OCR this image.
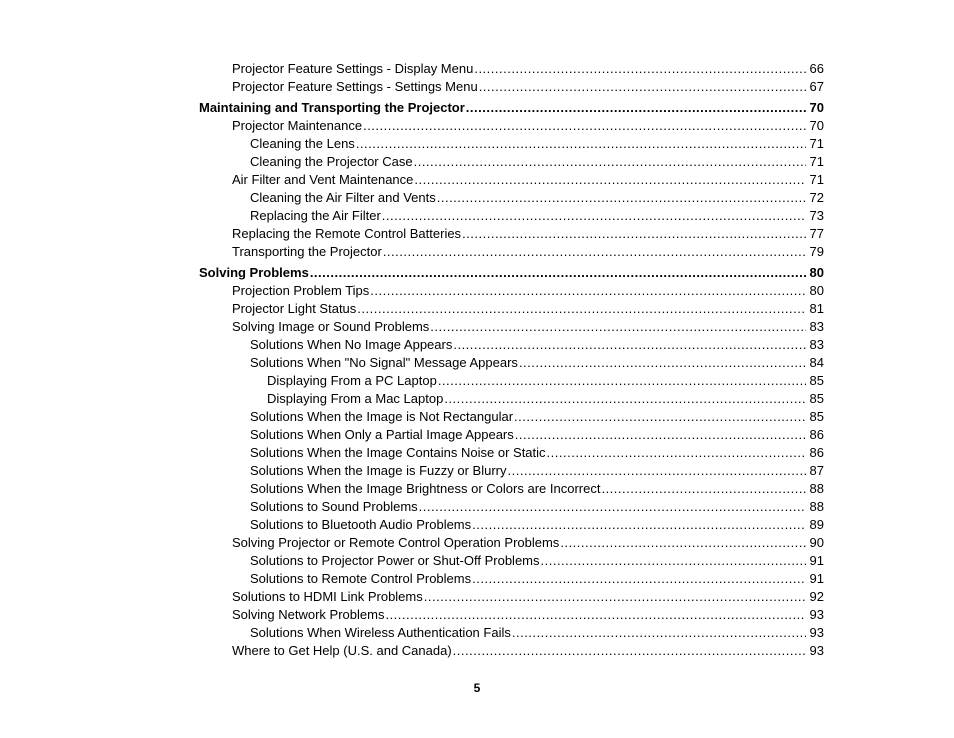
Projector Feature Settings - Display Menu .....	66
Projector Feature Settings - Settings Menu .....	67
Maintaining and Transporting the Projector .....	70
Projector Maintenance .....	70
Cleaning the Lens .....	71
Cleaning the Projector Case .....	71
Air Filter and Vent Maintenance .....	71
Cleaning the Air Filter and Vents .....	72
Replacing the Air Filter .....	73
Replacing the Remote Control Batteries .....	77
Transporting the Projector .....	79
Solving Problems .....	80
Projection Problem Tips .....	80
Projector Light Status .....	81
Solving Image or Sound Problems .....	83
Solutions When No Image Appears .....	83
Solutions When "No Signal" Message Appears .....	84
Displaying From a PC Laptop .....	85
Displaying From a Mac Laptop .....	85
Solutions When the Image is Not Rectangular .....	85
Solutions When Only a Partial Image Appears .....	86
Solutions When the Image Contains Noise or Static .....	86
Solutions When the Image is Fuzzy or Blurry .....	87
Solutions When the Image Brightness or Colors are Incorrect .....	88
Solutions to Sound Problems .....	88
Solutions to Bluetooth Audio Problems .....	89
Solving Projector or Remote Control Operation Problems .....	90
Solutions to Projector Power or Shut-Off Problems .....	91
Solutions to Remote Control Problems .....	91
Solutions to HDMI Link Problems .....	92
Solving Network Problems .....	93
Solutions When Wireless Authentication Fails .....	93
Where to Get Help (U.S. and Canada) .....	93
5
